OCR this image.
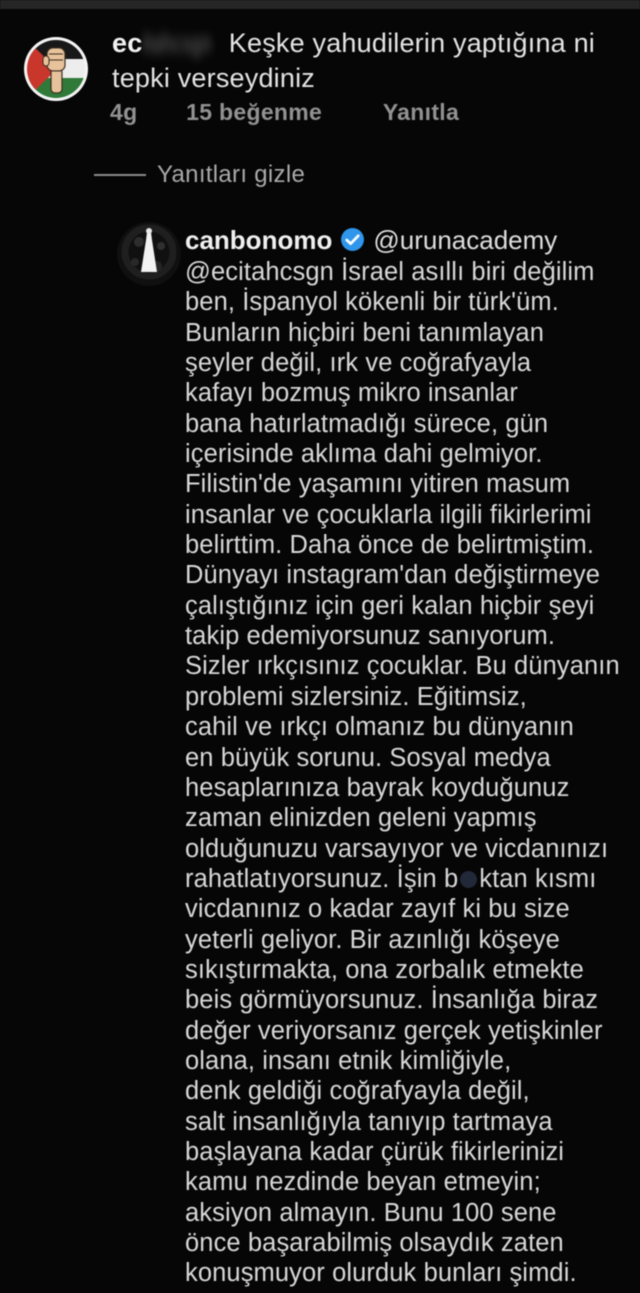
ecitahcsgn Keşke yahudilerin yaptığına ni
tepki verseydiniz
4g 15 beğenme	Yanıtla
Yanıtları gizle
canbonomo @urunacademy
@ecitahcsgn İsrael asıllı biri değilim
ben, İspanyol kökenli bir türk'üm.
Bunların hiçbiri beni tanımlayan
şeyler değil, ırk ve coğrafyayla
kafayı bozmuş mikro insanlar
bana hatırlatmadığı sürece, gün
içerisinde aklıma dahi gelmiyor.
Filistin'de yaşamını yitiren masum
insanlar ve çocuklarla ilgili fikirlerimi
belirttim. Daha önce de belirtmiştim.
Dünyayı instagram'dan değiştirmeye
çalıştığınız için geri kalan hiçbir şeyi
takip edemiyorsunuz sanıyorum.
Sizler ırkçısınız çocuklar. Bu dünyanın
problemi sizlersiniz. Eğitimsiz,
cahil ve ırkçı olmanız bu dünyanın
en büyük sorunu. Sosyal medya
hesaplarınıza bayrak koyduğunuz
zaman elinizden geleni yapmış
olduğunuzu varsayıyor ve vicdanınızı
rahatlatıyorsunuz. İşin b ktan kısmı
vicdanınız o kadar zayıf ki bu size
yeterli geliyor. Bir azınlığı köşeye
sıkıştırmakta, ona zorbalık etmekte
beis görmüyorsunuz. İnsanlığa biraz
değer veriyorsanız gerçek yetişkinler
olana, insanı etnik kimliğiyle,
denk geldiği coğrafyayla değil,
salt insanlığıyla tanıyıp tartmaya
başlayana kadar çürük fikirlerinizi
kamu nezdinde beyan etmeyin;
aksiyon almayın. Bunu 100 sene
önce başarabilmiş olsaydık zaten
konuşmuyor olurduk bunları şimdi.
